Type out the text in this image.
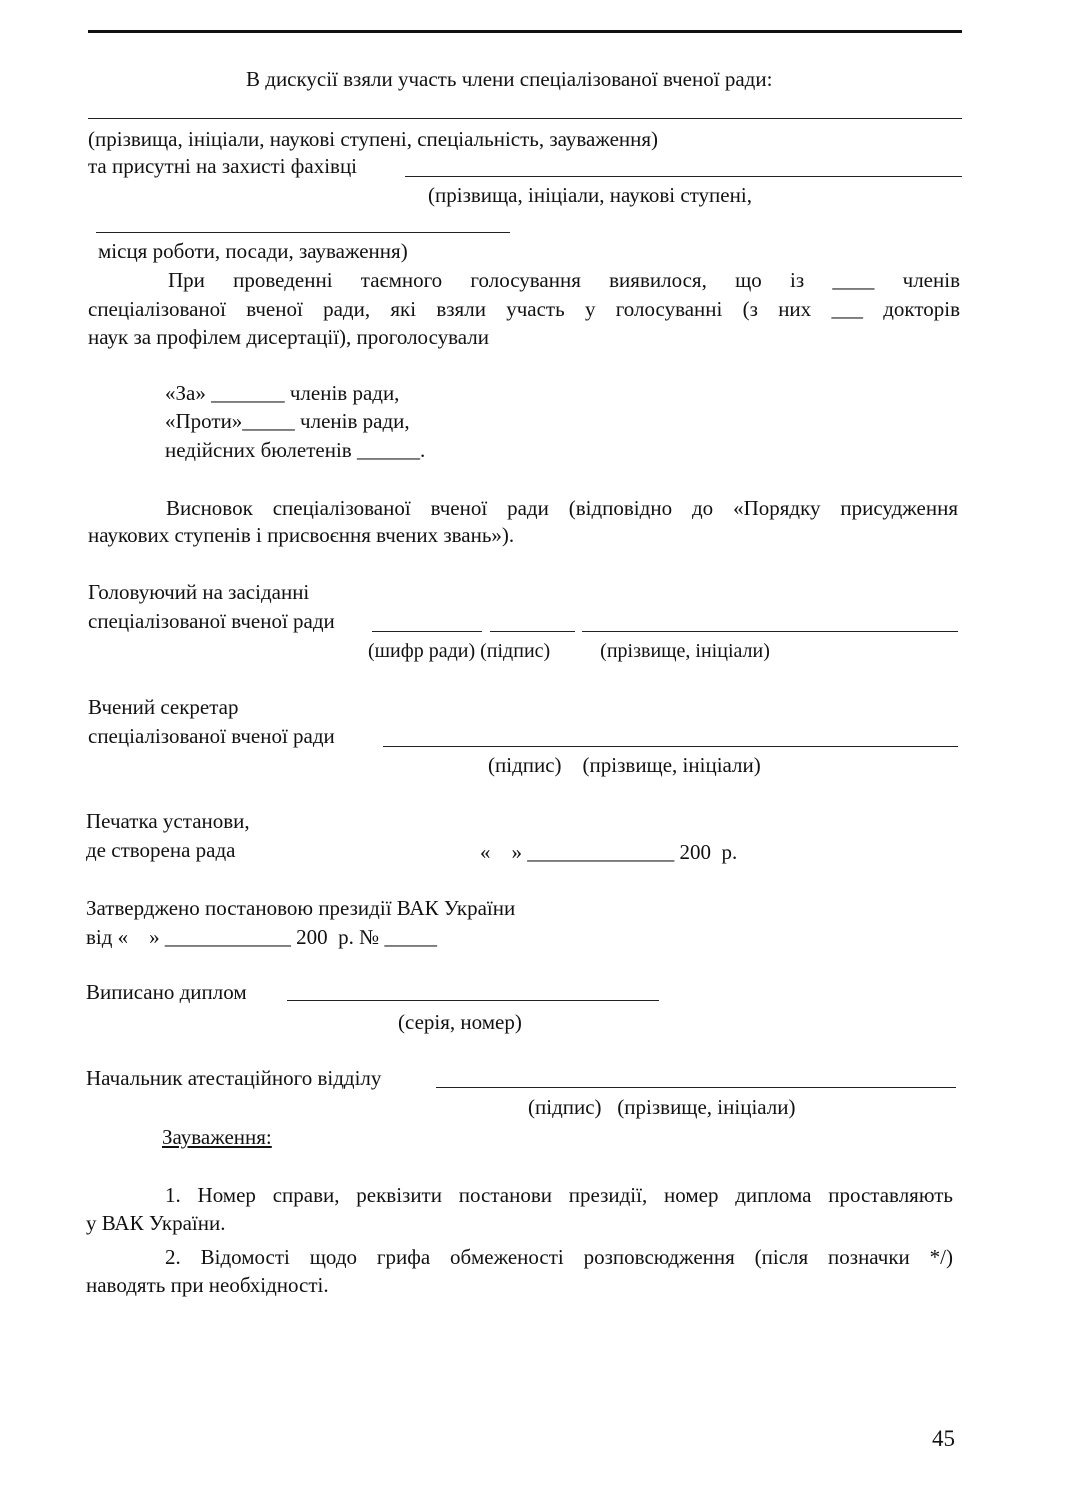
В дискусії взяли участь члени спеціалізованої вченої ради:
(прізвища, ініціали, наукові ступені, спеціальність, зауваження)
та присутні на захисті фахівці
(прізвища, ініціали, наукові ступені,
місця роботи, посади, зауваження)
При проведенні таємного голосування виявилося, що із ____ членів
спеціалізованої вченої ради, які взяли участь у голосуванні (з них ___ докторів
наук за профілем дисертації), проголосували
«За» _______ членів ради,
«Проти»_____ членів ради,
недійсних бюлетенів ______.
Висновок спеціалізованої вченої ради (відповідно до «Порядку присудження
наукових ступенів і присвоєння вчених звань»).
Головуючий на засіданні
спеціалізованої вченої ради
(шифр ради) (підпис)          (прізвище, ініціали)
Вчений секретар
спеціалізованої вченої ради
(підпис)    (прізвище, ініціали)
Печатка установи,
де створена рада	«    » ______________ 200  р.
Затверджено постановою президії ВАК України
від «    » ____________ 200  р. № _____
Виписано диплом
(серія, номер)
Начальник атестаційного відділу
(підпис)   (прізвище, ініціали)
Зауваження:
1. Номер справи, реквізити постанови президії, номер диплома проставляють
у ВАК України.
2. Відомості щодо грифа обмеженості розповсюдження (після позначки */)
наводять при необхідності.
45
